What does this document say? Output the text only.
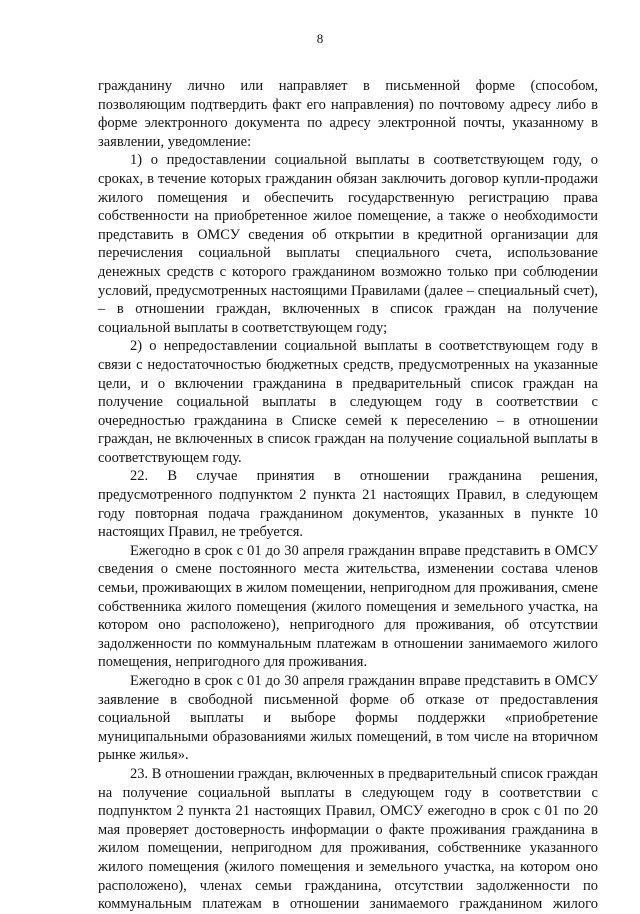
8

гражданину лично или направляет в письменной форме (способом, позволяющим подтвердить факт его направления) по почтовому адресу либо в форме электронного документа по адресу электронной почты, указанному в заявлении, уведомление:

1) о предоставлении социальной выплаты в соответствующем году, о сроках, в течение которых гражданин обязан заключить договор купли-продажи жилого помещения и обеспечить государственную регистрацию права собственности на приобретенное жилое помещение, а также о необходимости представить в ОМСУ сведения об открытии в кредитной организации для перечисления социальной выплаты специального счета, использование денежных средств с которого гражданином возможно только при соблюдении условий, предусмотренных настоящими Правилами (далее – специальный счет), – в отношении граждан, включенных в список граждан на получение социальной выплаты в соответствующем году;

2) о непредоставлении социальной выплаты в соответствующем году в связи с недостаточностью бюджетных средств, предусмотренных на указанные цели, и о включении гражданина в предварительный список граждан на получение социальной выплаты в следующем году в соответствии с очередностью гражданина в Списке семей к переселению – в отношении граждан, не включенных в список граждан на получение социальной выплаты в соответствующем году.

22. В случае принятия в отношении гражданина решения, предусмотренного подпунктом 2 пункта 21 настоящих Правил, в следующем году повторная подача гражданином документов, указанных в пункте 10 настоящих Правил, не требуется.

Ежегодно в срок с 01 до 30 апреля гражданин вправе представить в ОМСУ сведения о смене постоянного места жительства, изменении состава членов семьи, проживающих в жилом помещении, непригодном для проживания, смене собственника жилого помещения (жилого помещения и земельного участка, на котором оно расположено), непригодного для проживания, об отсутствии задолженности по коммунальным платежам в отношении занимаемого жилого помещения, непригодного для проживания.

Ежегодно в срок с 01 до 30 апреля гражданин вправе представить в ОМСУ заявление в свободной письменной форме об отказе от предоставления социальной выплаты и выборе формы поддержки «приобретение муниципальными образованиями жилых помещений, в том числе на вторичном рынке жилья».

23. В отношении граждан, включенных в предварительный список граждан на получение социальной выплаты в следующем году в соответствии с подпунктом 2 пункта 21 настоящих Правил, ОМСУ ежегодно в срок с 01 по 20 мая проверяет достоверность информации о факте проживания гражданина в жилом помещении, непригодном для проживания, собственнике указанного жилого помещения (жилого помещения и земельного участка, на котором оно расположено), членах семьи гражданина, отсутствии задолженности по коммунальным платежам в отношении занимаемого гражданином жилого
